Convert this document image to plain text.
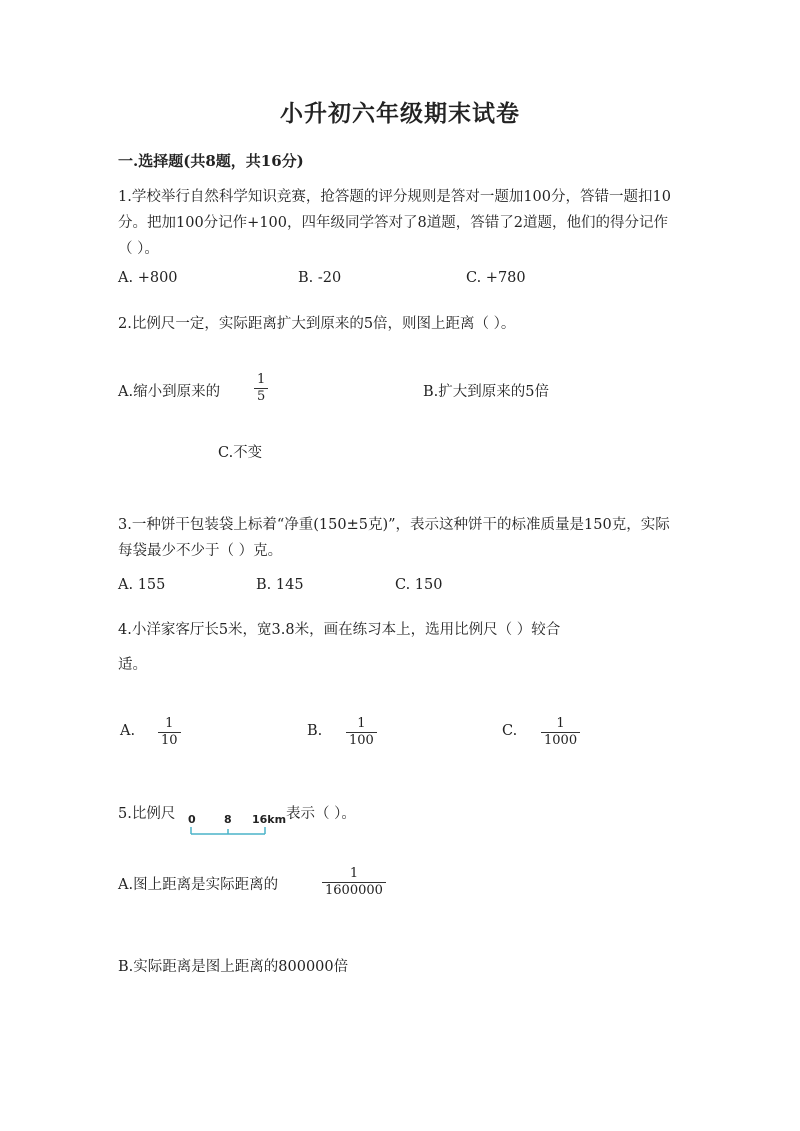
小升初六年级期末试卷
一.选择题(共8题，共16分)
1.学校举行自然科学知识竞赛，抢答题的评分规则是答对一题加100分，答错一题扣10分。把加100分记作+100，四年级同学答对了8道题，答错了2道题，他们的得分记作（ ）。
A. +800	B. -20	C. +780
2.比例尺一定，实际距离扩大到原来的5倍，则图上距离（ ）。
A.缩小到原来的	$\frac{1}{5}$	B.扩大到原来的5倍
C.不变
3.一种饼干包装袋上标着“净重(150±5克)”，表示这种饼干的标准质量是150克，实际每袋最少不少于（ ）克。
A. 155	B. 145	C. 150
4.小洋家客厅长5米，宽3.8米，画在练习本上，选用比例尺（ ）较合
适。
A. $\frac{1}{10}$	B. $\frac{1}{100}$	C. $\frac{1}{1000}$
5.比例尺 0	8 16km 表示（ ）。
A.图上距离是实际距离的	$\frac{1}{1600000}$
B.实际距离是图上距离的800000倍
